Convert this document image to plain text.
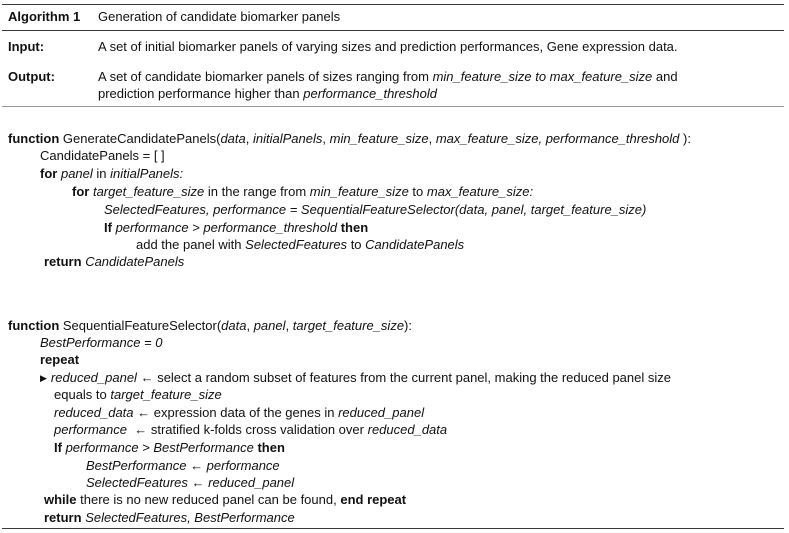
Algorithm 1 Generation of candidate biomarker panels
Input:	A set of initial biomarker panels of varying sizes and prediction performances, Gene expression data.
Output:	A set of candidate biomarker panels of sizes ranging from min_feature_size to max_feature_size and
prediction performance higher than performance_threshold
function GenerateCandidatePanels(data, initialPanels, min_feature_size, max_feature_size, performance_threshold ):
CandidatePanels = [ ]
for panel in initialPanels:
for target_feature_size in the range from min_feature_size to max_feature_size:
SelectedFeatures, performance = SequentialFeatureSelector(data, panel, target_feature_size)
If performance > performance_threshold then
add the panel with SelectedFeatures to CandidatePanels
return CandidatePanels
function SequentialFeatureSelector(data, panel, target_feature_size):
BestPerformance = 0
repeat
▶ reduced_panel ← select a random subset of features from the current panel, making the reduced panel size
equals to target_feature_size
reduced_data ← expression data of the genes in reduced_panel
performance ← stratified k-folds cross validation over reduced_data
If performance > BestPerformance then
BestPerformance ← performance
SelectedFeatures ← reduced_panel
while there is no new reduced panel can be found, end repeat
return SelectedFeatures, BestPerformance
